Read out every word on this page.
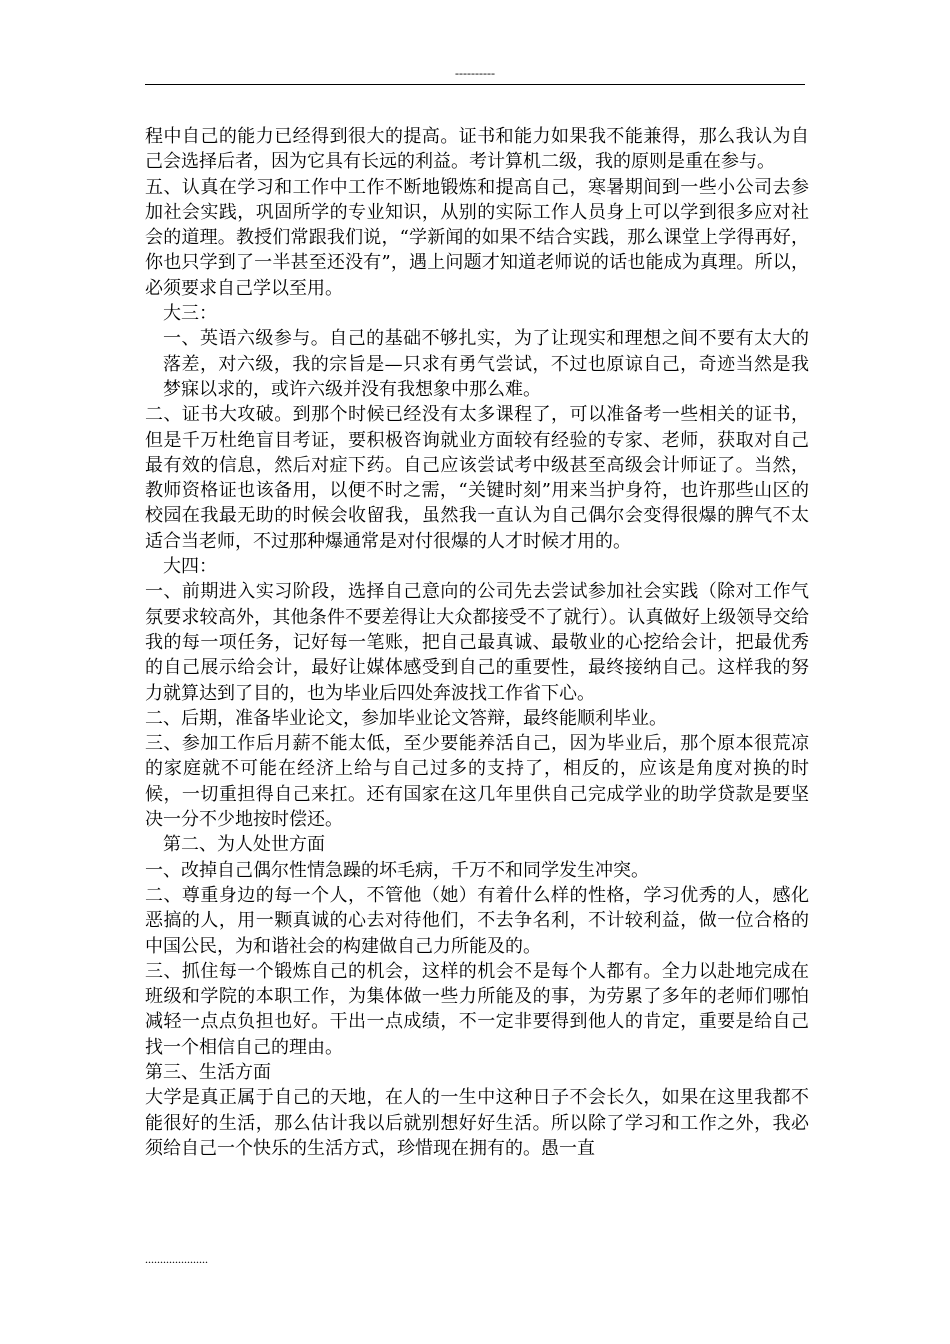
----------

程中自己的能力已经得到很大的提高。证书和能力如果我不能兼得，那么我认为自己会选择后者，因为它具有长远的利益。考计算机二级，我的原则是重在参与。

五、认真在学习和工作中工作不断地锻炼和提高自己，寒暑期间到一些小公司去参加社会实践，巩固所学的专业知识，从别的实际工作人员身上可以学到很多应对社会的道理。教授们常跟我们说，“学新闻的如果不结合实践，那么课堂上学得再好，你也只学到了一半甚至还没有”，遇上问题才知道老师说的话也能成为真理。所以，必须要求自己学以至用。

大三：

一、英语六级参与。自己的基础不够扎实，为了让现实和理想之间不要有太大的落差，对六级，我的宗旨是—只求有勇气尝试，不过也原谅自己，奇迹当然是我梦寐以求的，或许六级并没有我想象中那么难。

二、证书大攻破。到那个时候已经没有太多课程了，可以准备考一些相关的证书，但是千万杜绝盲目考证，要积极咨询就业方面较有经验的专家、老师，获取对自己最有效的信息，然后对症下药。自己应该尝试考中级甚至高级会计师证了。当然，教师资格证也该备用，以便不时之需，“关键时刻”用来当护身符，也许那些山区的校园在我最无助的时候会收留我，虽然我一直认为自己偶尔会变得很爆的脾气不太适合当老师，不过那种爆通常是对付很爆的人才时候才用的。

大四：

一、前期进入实习阶段，选择自己意向的公司先去尝试参加社会实践（除对工作气氛要求较高外，其他条件不要差得让大众都接受不了就行）。认真做好上级领导交给我的每一项任务，记好每一笔账，把自己最真诚、最敬业的心挖给会计，把最优秀的自己展示给会计，最好让媒体感受到自己的重要性，最终接纳自己。这样我的努力就算达到了目的，也为毕业后四处奔波找工作省下心。

二、后期，准备毕业论文，参加毕业论文答辩，最终能顺利毕业。

三、参加工作后月薪不能太低，至少要能养活自己，因为毕业后，那个原本很荒凉的家庭就不可能在经济上给与自己过多的支持了，相反的，应该是角度对换的时候，一切重担得自己来扛。还有国家在这几年里供自己完成学业的助学贷款是要坚决一分不少地按时偿还。

第二、为人处世方面

一、改掉自己偶尔性情急躁的坏毛病，千万不和同学发生冲突。

二、尊重身边的每一个人，不管他（她）有着什么样的性格，学习优秀的人，感化恶搞的人，用一颗真诚的心去对待他们，不去争名利，不计较利益，做一位合格的中国公民，为和谐社会的构建做自己力所能及的。

三、抓住每一个锻炼自己的机会，这样的机会不是每个人都有。全力以赴地完成在班级和学院的本职工作，为集体做一些力所能及的事，为劳累了多年的老师们哪怕减轻一点点负担也好。干出一点成绩，不一定非要得到他人的肯定，重要是给自己找一个相信自己的理由。

第三、生活方面

大学是真正属于自己的天地，在人的一生中这种日子不会长久，如果在这里我都不能很好的生活，那么估计我以后就别想好好生活。所以除了学习和工作之外，我必须给自己一个快乐的生活方式，珍惜现在拥有的。愚一直

.....................
